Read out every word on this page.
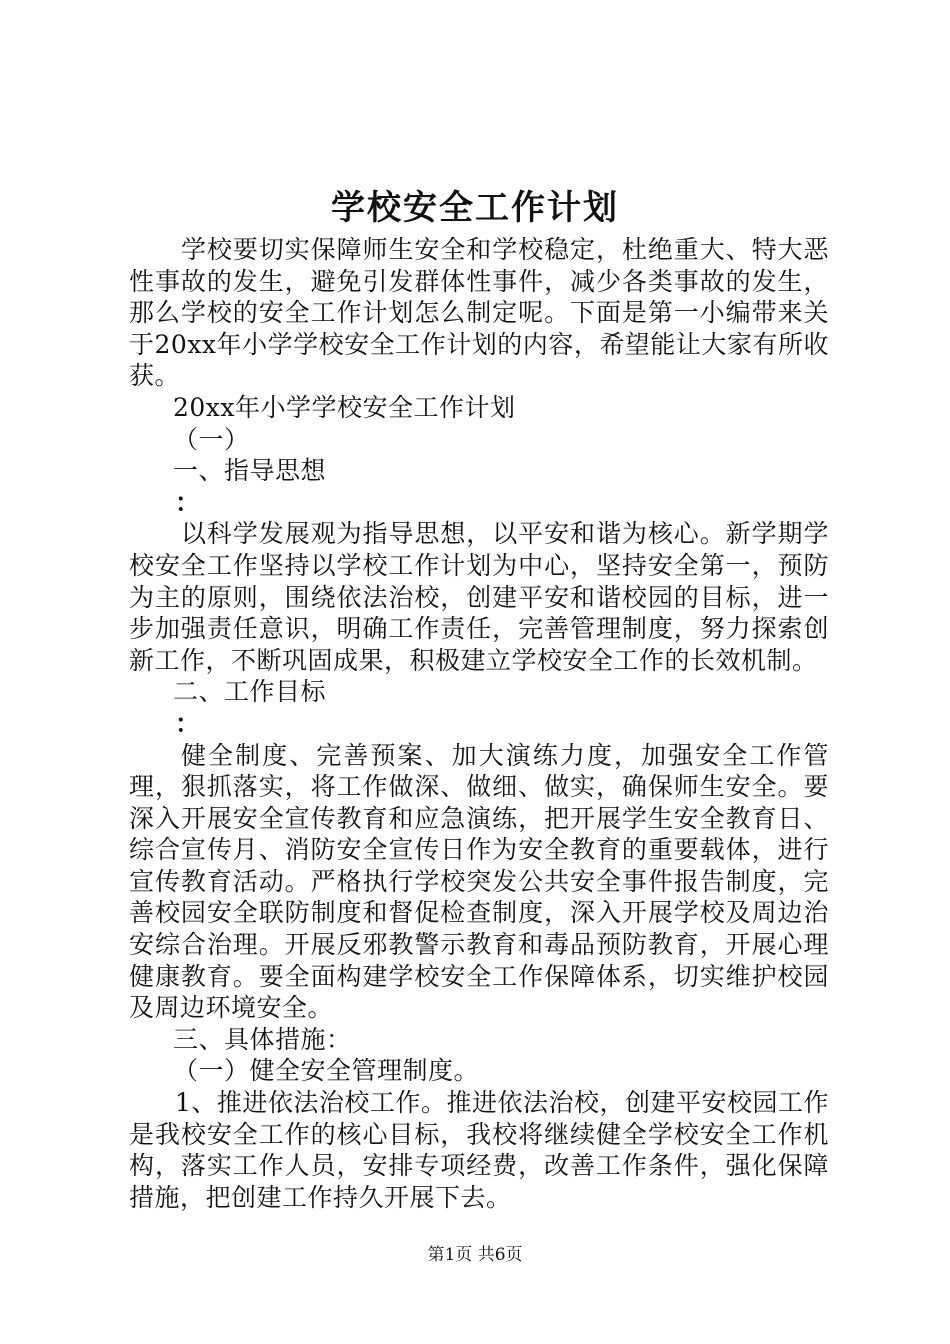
学校安全工作计划

学校要切实保障师生安全和学校稳定，杜绝重大、特大恶性事故的发生，避免引发群体性事件，减少各类事故的发生，那么学校的安全工作计划怎么制定呢。下面是第一小编带来关于20xx年小学学校安全工作计划的内容，希望能让大家有所收获。

20xx年小学学校安全工作计划

（一）

一、指导思想

：

以科学发展观为指导思想，以平安和谐为核心。新学期学校安全工作坚持以学校工作计划为中心，坚持安全第一，预防为主的原则，围绕依法治校，创建平安和谐校园的目标，进一步加强责任意识，明确工作责任，完善管理制度，努力探索创新工作，不断巩固成果，积极建立学校安全工作的长效机制。

二、工作目标

：

健全制度、完善预案、加大演练力度，加强安全工作管理，狠抓落实，将工作做深、做细、做实，确保师生安全。要深入开展安全宣传教育和应急演练，把开展学生安全教育日、综合宣传月、消防安全宣传日作为安全教育的重要载体，进行宣传教育活动。严格执行学校突发公共安全事件报告制度，完善校园安全联防制度和督促检查制度，深入开展学校及周边治安综合治理。开展反邪教警示教育和毒品预防教育，开展心理健康教育。要全面构建学校安全工作保障体系，切实维护校园及周边环境安全。

三、具体措施：

（一）健全安全管理制度。

1、推进依法治校工作。推进依法治校，创建平安校园工作是我校安全工作的核心目标，我校将继续健全学校安全工作机构，落实工作人员，安排专项经费，改善工作条件，强化保障措施，把创建工作持久开展下去。

第1页 共6页
